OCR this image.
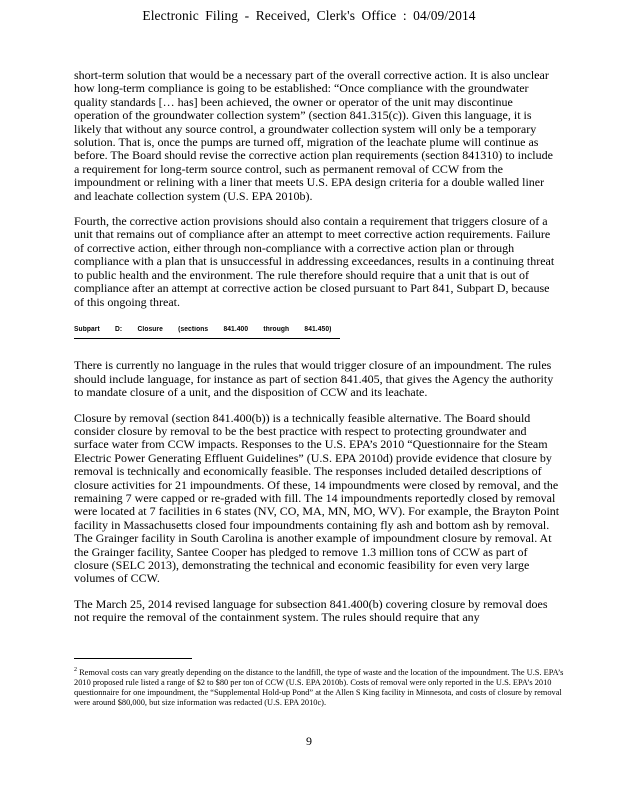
Electronic Filing - Received, Clerk's Office : 04/09/2014

short-term solution that would be a necessary part of the overall corrective action. It is also unclear how long-term compliance is going to be established: “Once compliance with the groundwater quality standards [… has] been achieved, the owner or operator of the unit may discontinue operation of the groundwater collection system” (section 841.315(c)). Given this language, it is likely that without any source control, a groundwater collection system will only be a temporary solution. That is, once the pumps are turned off, migration of the leachate plume will continue as before. The Board should revise the corrective action plan requirements (section 841310) to include a requirement for long-term source control, such as permanent removal of CCW from the impoundment or relining with a liner that meets U.S. EPA design criteria for a double walled liner and leachate collection system (U.S. EPA 2010b).

Fourth, the corrective action provisions should also contain a requirement that triggers closure of a unit that remains out of compliance after an attempt to meet corrective action requirements. Failure of corrective action, either through non-compliance with a corrective action plan or through compliance with a plan that is unsuccessful in addressing exceedances, results in a continuing threat to public health and the environment. The rule therefore should require that a unit that is out of compliance after an attempt at corrective action be closed pursuant to Part 841, Subpart D, because of this ongoing threat.

Subpart D: Closure (sections 841.400 through 841.450)

There is currently no language in the rules that would trigger closure of an impoundment. The rules should include language, for instance as part of section 841.405, that gives the Agency the authority to mandate closure of a unit, and the disposition of CCW and its leachate.

Closure by removal (section 841.400(b)) is a technically feasible alternative. The Board should consider closure by removal to be the best practice with respect to protecting groundwater and surface water from CCW impacts. Responses to the U.S. EPA’s 2010 “Questionnaire for the Steam Electric Power Generating Effluent Guidelines” (U.S. EPA 2010d) provide evidence that closure by removal is technically and economically feasible. The responses included detailed descriptions of closure activities for 21 impoundments. Of these, 14 impoundments were closed by removal, and the remaining 7 were capped or re-graded with fill. The 14 impoundments reportedly closed by removal were located at 7 facilities in 6 states (NV, CO, MA, MN, MO, WV). For example, the Brayton Point facility in Massachusetts closed four impoundments containing fly ash and bottom ash by removal. The Grainger facility in South Carolina is another example of impoundment closure by removal. At the Grainger facility, Santee Cooper has pledged to remove 1.3 million tons of CCW as part of closure (SELC 2013), demonstrating the technical and economic feasibility for even very large volumes of CCW.

The March 25, 2014 revised language for subsection 841.400(b) covering closure by removal does not require the removal of the containment system. The rules should require that any

$^2$ Removal costs can vary greatly depending on the distance to the landfill, the type of waste and the location of the impoundment. The U.S. EPA’s 2010 proposed rule listed a range of $2 to $80 per ton of CCW (U.S. EPA 2010b). Costs of removal were only reported in the U.S. EPA’s 2010 questionnaire for one impoundment, the “Supplemental Hold-up Pond” at the Allen S King facility in Minnesota, and costs of closure by removal were around $80,000, but size information was redacted (U.S. EPA 2010c).
9
